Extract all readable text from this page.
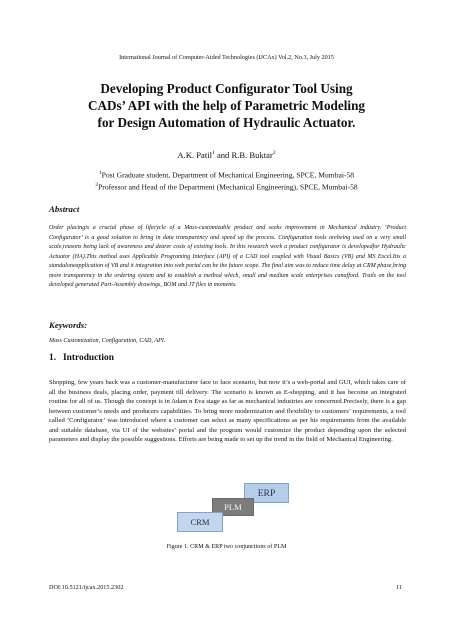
International Journal of Computer-Aided Technologies (IJCAx) Vol.2, No.3, July 2015
Developing Product Configurator Tool Using
CADs’ API with the help of Parametric Modeling
for Design Automation of Hydraulic Actuator.
A.K. Patil$^1$ and R.B. Buktar$^2$
$^1$Post Graduate student, Department of Mechanical Engineering, SPCE, Mumbai-58
$^2$Professor and Head of the Department (Mechanical Engineering), SPCE, Mumbai-58
Abstract
Order placingis a crucial phase of lifecycle of a Mass-customizable product and seeks improvement in Mechanical industry. ‘Product Configurator’ is a good solution to bring in data transparency and speed up the process. Configuration tools arebeing used on a very small scale,reasons being lack of awareness and dearer costs of existing tools. In this research work a product configurator is developedfor Hydraulic Actuator (HA).This method uses Applicable Programing Interface (API) of a CAD tool coupled with Visual Basics (VB) and MS Excel.Itis a standaloneapplication of VB and it integration into web portal can be the future scope. The final aim was to reduce time delay at CRM phase,bring more transparency in the ordering system and to establish a method which, small and medium scale enterprises canafford. Trails on the tool developed generated Part-Assembly drawings, BOM and JT files in moments.
Keywords:
Mass Customization, Configuration, CAD, API.
1. Introduction
Shopping, few years back was a customer-manufacturer face to face scenario, but now it’s a web-portal and GUI, which takes care of all the business deals, placing order, payment till delivery. The scenario is known as E-shopping, and it has become an integrated routine for all of us. Though the concept is in Adam n Eva stage as far as mechanical industries are concerned.Precisely, there is a gap between customer’s needs and producers capabilities. To bring more modernization and flexibility to customers’ requirements, a tool called ‘Configurator’ was introduced where a customer can select as many specifications as per his requirements from the available and suitable database, via UI of the websites’ portal and the program would customize the product depending upon the selected parameters and display the possible suggestions. Efforts are being made to set up the trend in the field of Mechanical Engineering.
ERP
PLM
CRM
Figure 1. CRM & ERP two conjunctions of PLM
DOI:10.5121/ijcax.2015.2302	11
